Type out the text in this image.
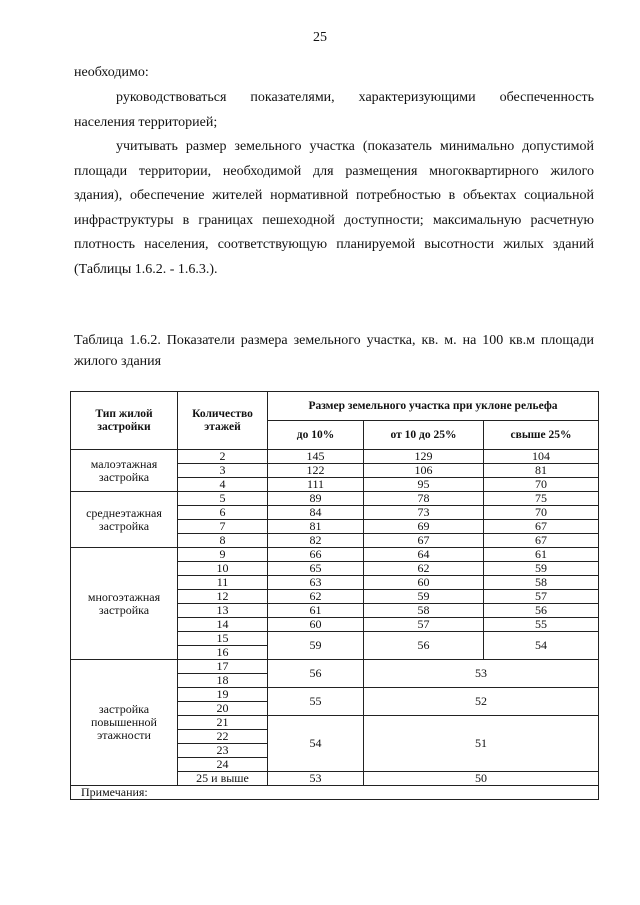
25
необходимо:
руководствоваться показателями, характеризующими обеспеченность населения территорией;
учитывать размер земельного участка (показатель минимально допустимой площади территории, необходимой для размещения многоквартирного жилого здания), обеспечение жителей нормативной потребностью в объектах социальной инфраструктуры в границах пешеходной доступности; максимальную расчетную плотность населения, соответствующую планируемой высотности жилых зданий (Таблицы 1.6.2. - 1.6.3.).
Таблица 1.6.2. Показатели размера земельного участка, кв. м. на 100 кв.м площади жилого здания
Тип жилой застройки	Количество этажей	Размер земельного участка при уклоне рельефа		
		до 10%	от 10 до 25%	свыше 25%
малоэтажная застройка	2	145	129	104
	3	122	106	81
	4	111	95	70
среднеэтажная застройка	5	89	78	75
	6	84	73	70
	7	81	69	67
	8	82	67	67
многоэтажная застройка	9	66	64	61
	10	65	62	59
	11	63	60	58
	12	62	59	57
	13	61	58	56
	14	60	57	55
	15	59	56	54
	16			
застройка повышенной этажности	17	56	53	
	18			
	19	55	52	
	20			
	21	54	51	
	22			
	23			
	24			
	25 и выше	53	50	
Примечания:				
